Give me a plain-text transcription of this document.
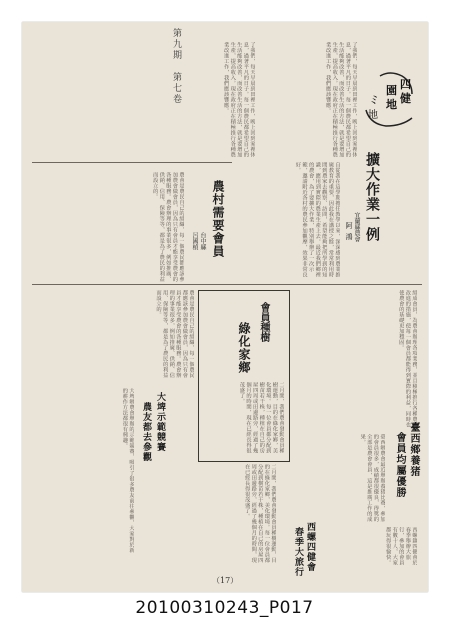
第九期　第七卷	四
健
園
地
ﾐ
地
了我們，每天早晨到田裡工作，晚上回到家裡休息，過著平凡的日子。每一個農民都希望自己的生活能夠改善，而改善生活的方法，就是要增加生產，提高收入。現在政府正在積極推行各種農業改進工作，我們應該響應。
擴大作業一例
宜蘭縣農會
阿鴻
自從我在這學期擔任教學以來，深深感到農業推廣教育的重要，因此我在講授之餘，常常利用時間到農家去觀察、訪問，希望能夠把所學到的知識，應用到實際的農業生產上去。最近我們鄉裡的農會，為了要擴大作業，特別舉辦了一次示範，邀請附近各村的農民參加觀摩，效果非常良好。
了我們，每天早晨到田裡工作，晚上回到家裡休息，過著平凡的日子。每一個農民都希望自己的生活能夠改善，而改善生活的方法，就是要增加生產，提高收入。現在政府正在積極推行各種農業改進工作，我們應該響應。
農村需要會員
台中縣
呂國楨
農會是農民自己的組織，每一個農民都應該參加農會做會員，因為只有會員才能享受農會的各種服務。農會辦理的事業很多，例如推廣、供銷、信用、保險等等，都是為了農民的利益而設立的。
組成會員，為農會辦理各項業務，並且積極推行各種農業改進的措施，使每一個會員都能得到實際的利益，同時也使農會的基礎更加穩固。
會員種樹
綠化家鄉
二月間，我們農會發動會員種樹運動，目的在綠化家鄉，美化環境。每一位會員都分配到樹苗若干株，種植在自己的房屋四周或田邊路旁，經過了幾個月的時間，現在已經長得很茂盛了。
農會是農民自己的組織，每一個農民都應該參加農會做會員，因為只有會員才能享受農會的各種服務。農會辦理的事業很多，例如推廣、供銷、信用、保險等等，都是為了農民的利益而設立的。
臺西鄉養猪
會員均屬優勝
臺西鄉農會最近舉辦養猪比賽，參加的會員很多，成績都很優良，得獎的全部是農會會員，這是推廣工作的成果。
大埤示範競賽
農友都去參觀
大埤鄉農會舉辦的示範競賽，吸引了很多農友前往參觀，大家對於新的耕作方法都很有興趣。
二月間，我們農會發動會員種樹運動，目的在綠化家鄉，美化環境。每一位會員都分配到樹苗若干株，種植在自己的房屋四周或田邊路旁，經過了幾個月的時間，現在已經長得很茂盛了。
西螺四健會
春季大旅行	西螺鎮四健會於春季舉辦大旅行，參加的會員有數十人，大家都玩得很愉快。
（17）
20100310243_P017
